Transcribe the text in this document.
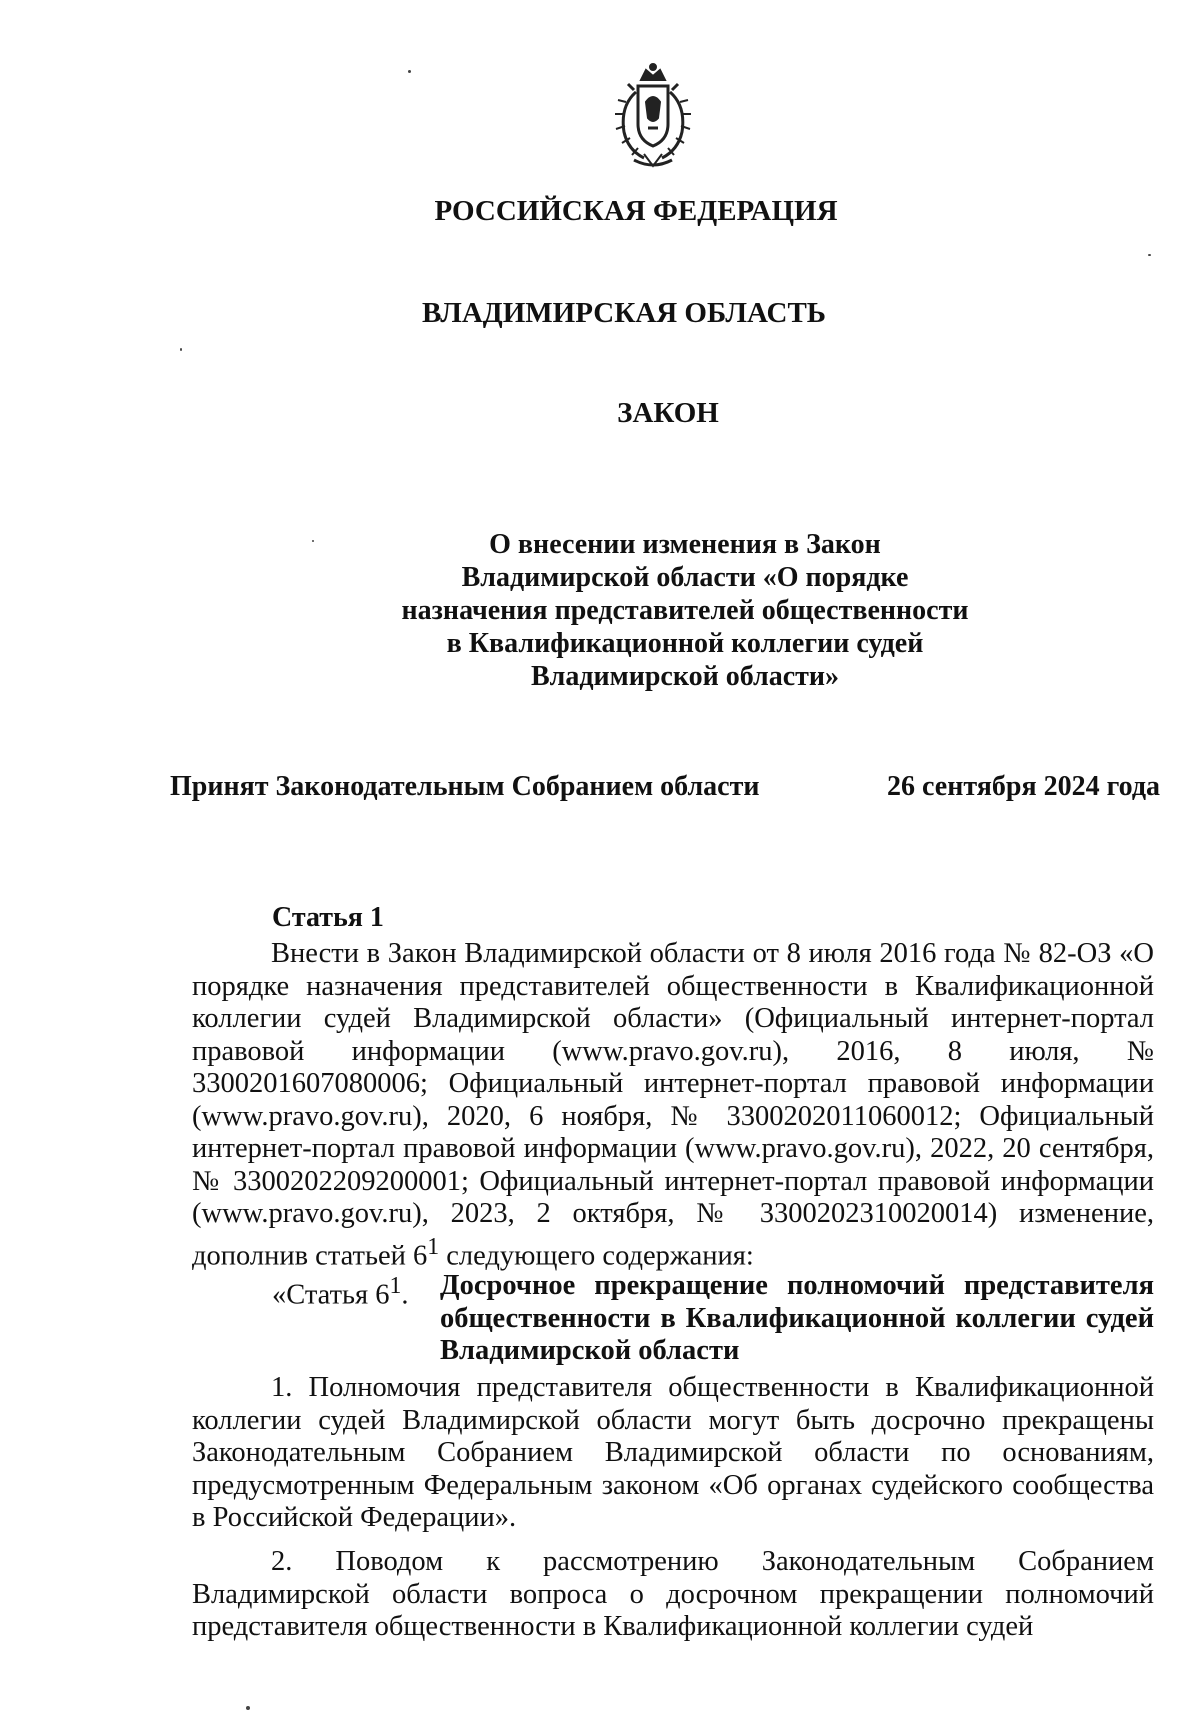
РОССИЙСКАЯ ФЕДЕРАЦИЯ
ВЛАДИМИРСКАЯ ОБЛАСТЬ
ЗАКОН
О внесении изменения в Закон
Владимирской области «О порядке
назначения представителей общественности
в Квалификационной коллегии судей
Владимирской области»
Принят Законодательным Собранием области	26 сентября 2024 года
Статья 1

Внести в Закон Владимирской области от 8 июля 2016 года № 82-ОЗ «О порядке назначения представителей общественности в Квалификационной коллегии судей Владимирской области» (Официальный интернет-портал правовой информации (www.pravo.gov.ru), 2016, 8 июля, № 3300201607080006; Официальный интернет-портал правовой информации (www.pravo.gov.ru), 2020, 6 ноября, № 3300202011060012; Официальный интернет-портал правовой информации (www.pravo.gov.ru), 2022, 20 сентября, № 3300202209200001; Официальный интернет-портал правовой информации (www.pravo.gov.ru), 2023, 2 октября, № 3300202310020014) изменение, дополнив статьей $6^1$ следующего содержания:

«Статья $6^1$. Досрочное прекращение полномочий представителя общественности в Квалификационной коллегии судей Владимирской области

1. Полномочия представителя общественности в Квалификационной коллегии судей Владимирской области могут быть досрочно прекращены Законодательным Собранием Владимирской области по основаниям, предусмотренным Федеральным законом «Об органах судейского сообщества в Российской Федерации».

2. Поводом к рассмотрению Законодательным Собранием Владимирской области вопроса о досрочном прекращении полномочий представителя общественности в Квалификационной коллегии судей
